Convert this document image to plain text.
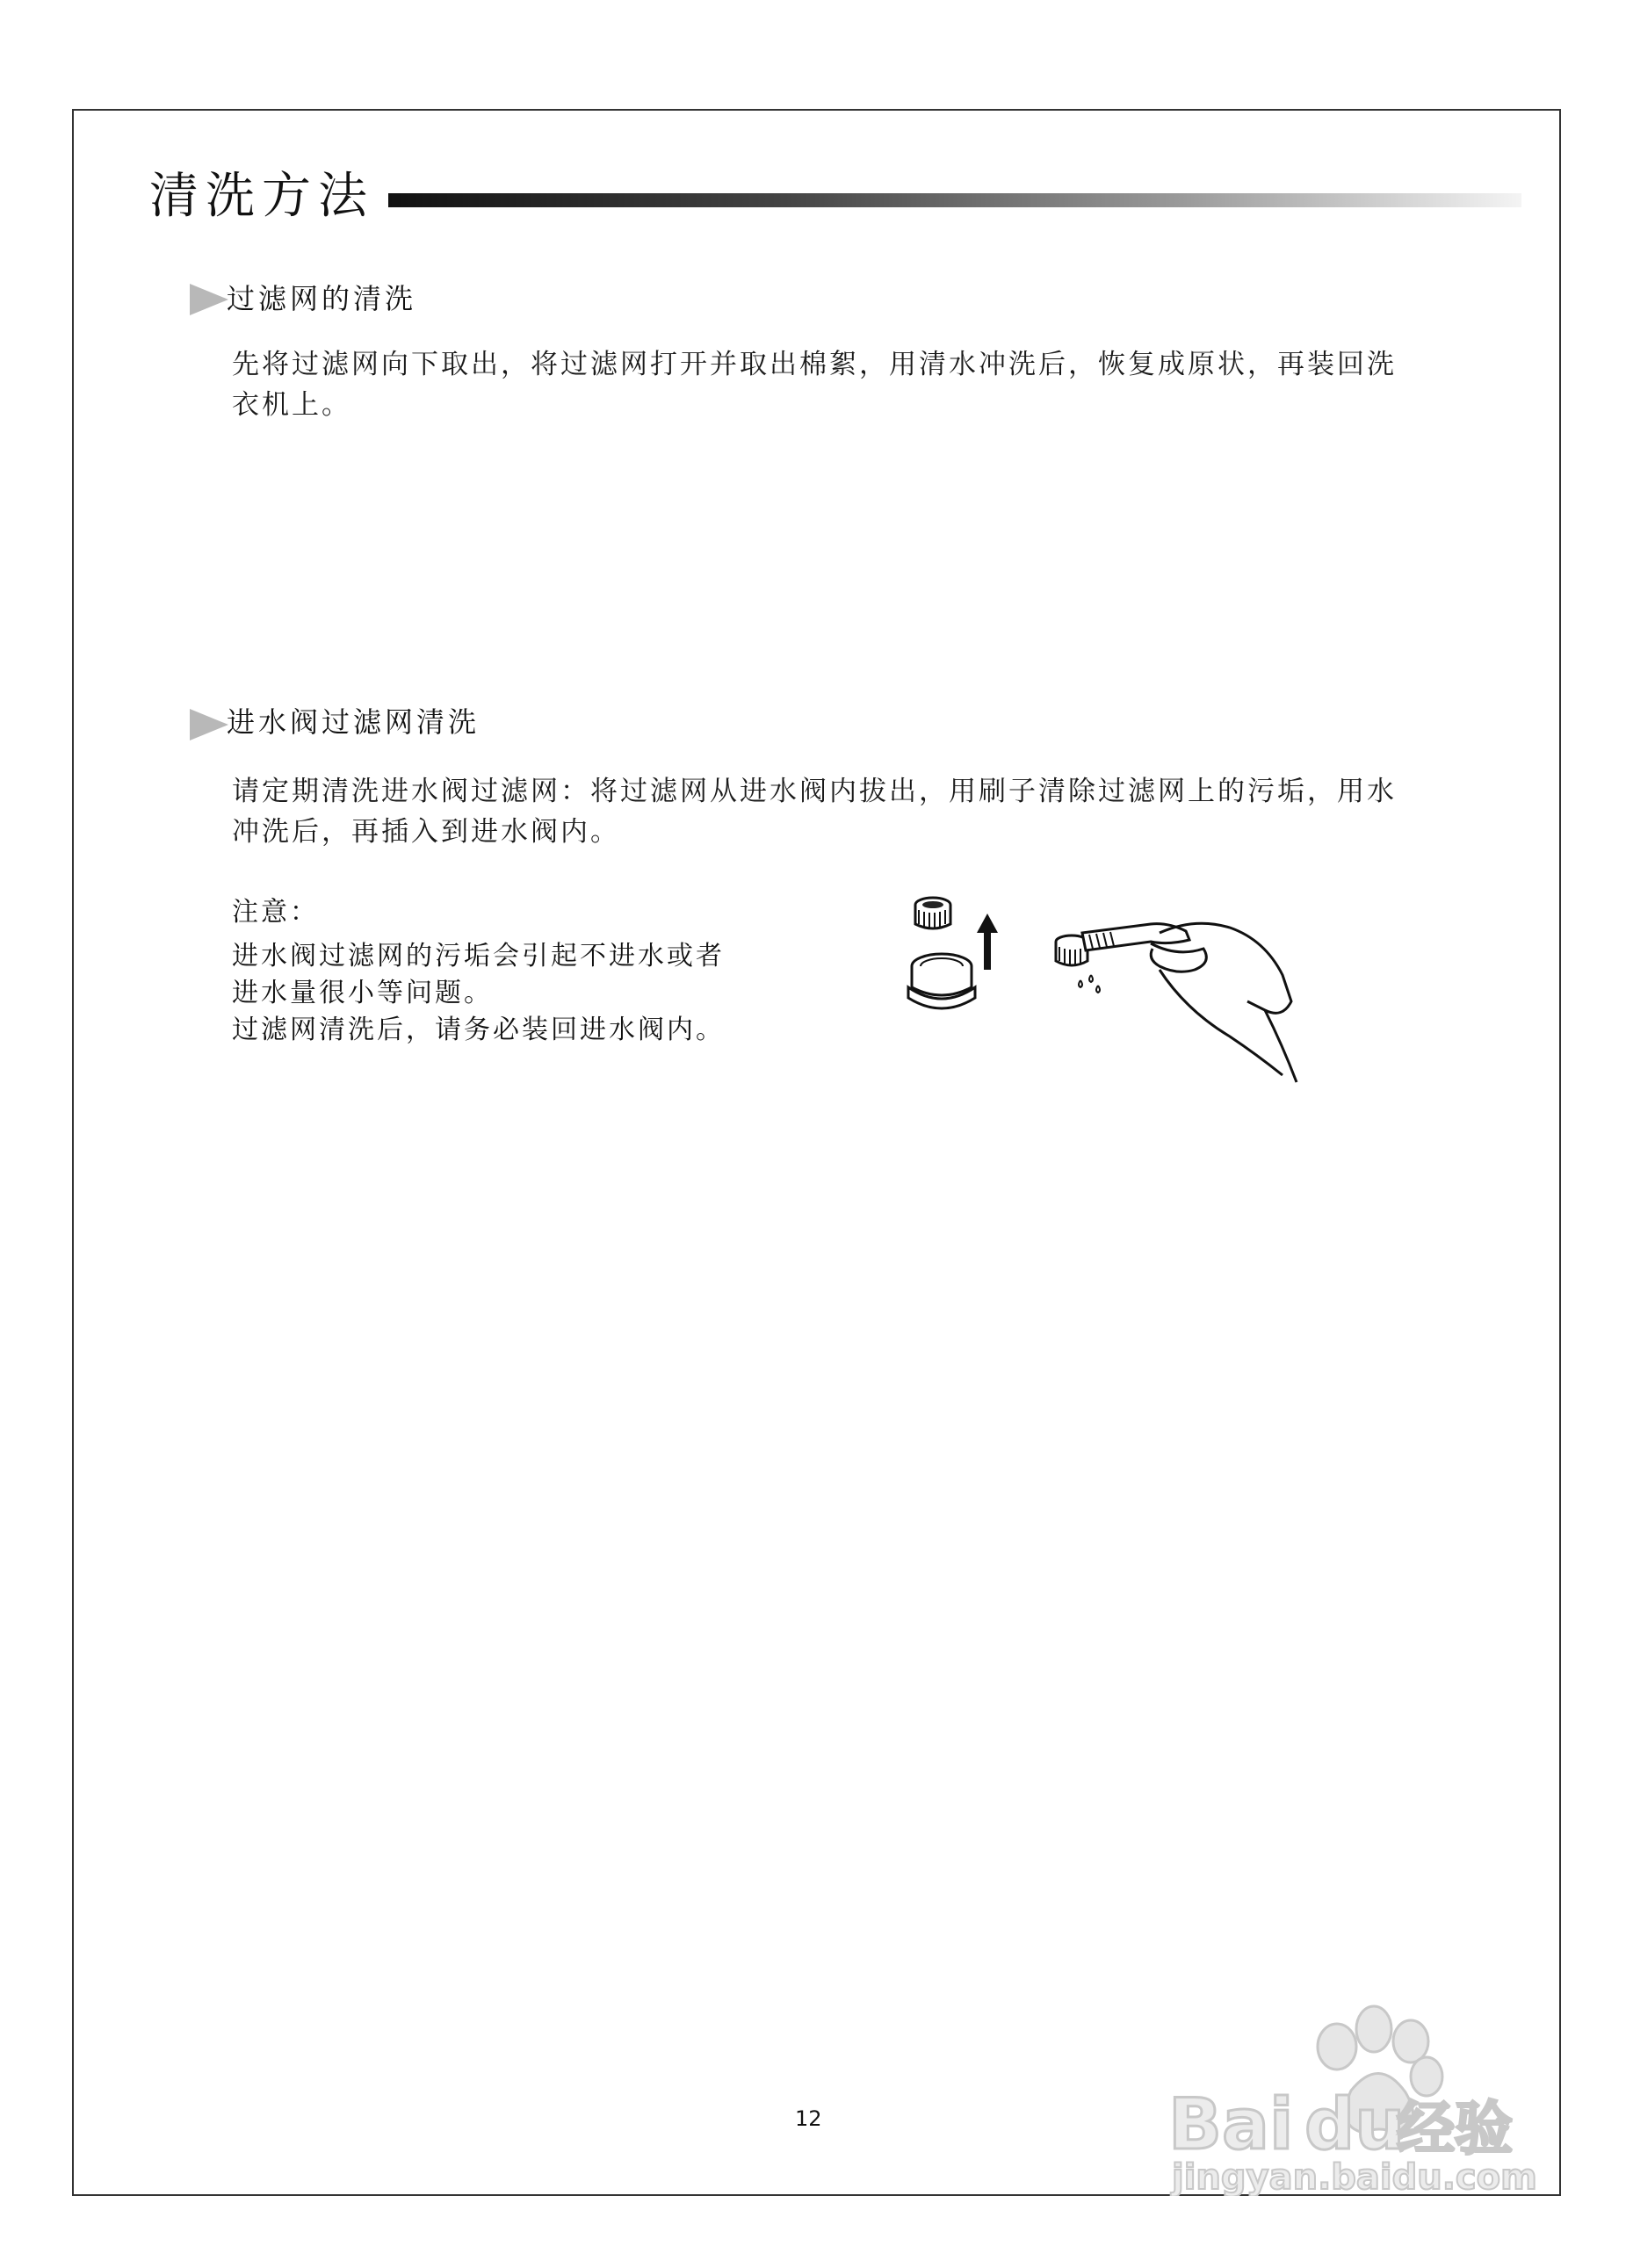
清洗方法
过滤网的清洗

先将过滤网向下取出，将过滤网打开并取出棉絮，用清水冲洗后，恢复成原状，再装回洗

衣机上。

进水阀过滤网清洗

请定期清洗进水阀过滤网：将过滤网从进水阀内拔出，用刷子清除过滤网上的污垢，用水

冲洗后，再插入到进水阀内。

注意：

进水阀过滤网的污垢会引起不进水或者

进水量很小等问题。

过滤网清洗后，请务必装回进水阀内。

Bai du
经验
jingyan.baidu.com
12
